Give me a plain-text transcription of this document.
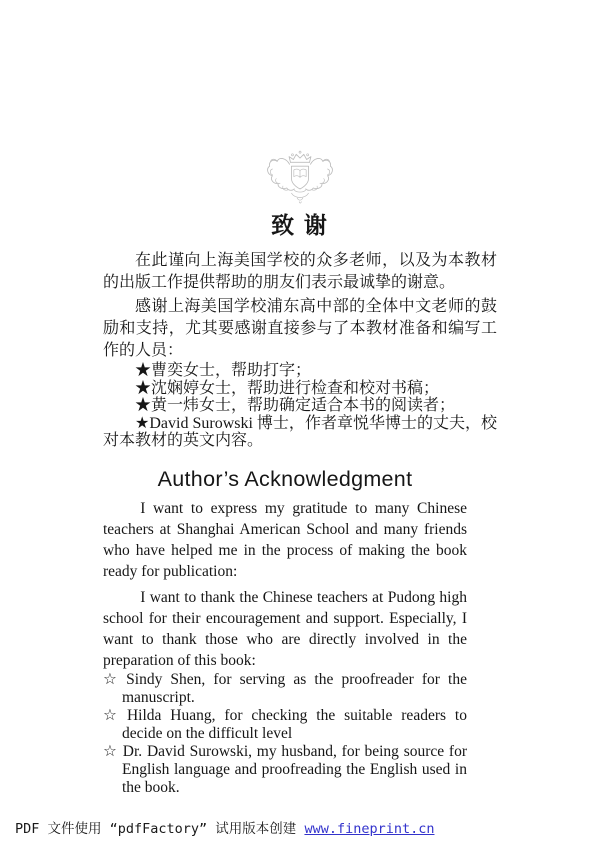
致 谢

在此谨向上海美国学校的众多老师，以及为本教材的出版工作提供帮助的朋友们表示最诚挚的谢意。

感谢上海美国学校浦东高中部的全体中文老师的鼓励和支持，尤其要感谢直接参与了本教材准备和编写工作的人员：

★曹奕女士，帮助打字；

★沈娴婷女士，帮助进行检查和校对书稿；

★黄一炜女士，帮助确定适合本书的阅读者；

★David Surowski 博士，作者章悦华博士的丈夫，校对本教材的英文内容。

Author’s Acknowledgment

I want to express my gratitude to many Chinese teachers at Shanghai American School and many friends who have helped me in the process of making the book ready for publication:

I want to thank the Chinese teachers at Pudong high school for their encouragement and support. Especially, I want to thank those who are directly involved in the preparation of this book:

☆ Sindy Shen, for serving as the proofreader for the manuscript.

☆ Hilda Huang, for checking the suitable readers to decide on the difficult level

☆ Dr. David Surowski, my husband, for being source for English language and proofreading the English used in the book.

PDF 文件使用 “pdfFactory” 试用版本创建 www.fineprint.cn
